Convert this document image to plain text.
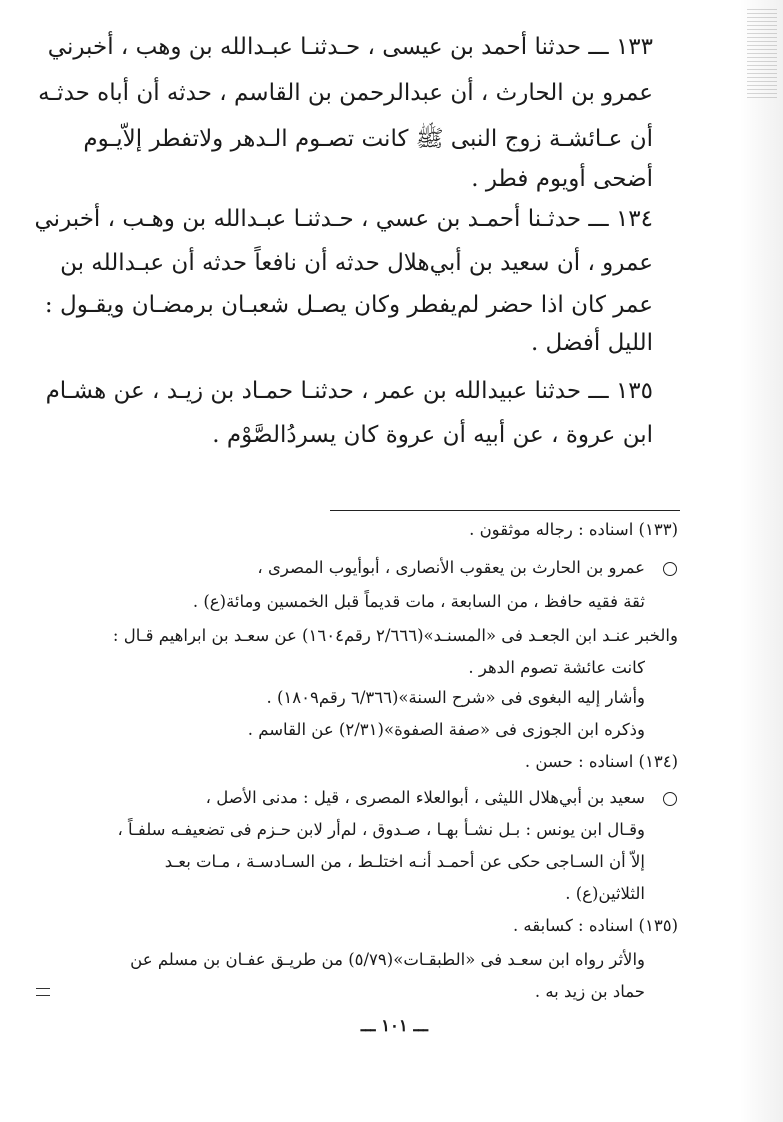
١٣٣ ـــ حدثنا أحمد بن عيسى ، حـدثنـا عبـدالله بن وهب ، أخبرني
عمرو بن الحارث ، أن عبدالرحمن بن القاسم ، حدثه أن أباه حدثـه
أن عـائشـة زوج النبى ﷺ كانت تصـوم الـدهر ولاتفطر إلاّيـوم
أضحى أويوم فطر .
١٣٤ ـــ حدثـنا أحمـد بن عسي ، حـدثنـا عبـدالله بن وهـب ، أخبرني
عمرو ، أن سعيد بن أبي‌هلال حدثه أن نافعاً حدثه أن عبـدالله بن
عمر كان اذا حضر لم‌يفطر وكان يصـل شعبـان برمضـان ويقـول :
الليل أفضل .
١٣٥ ـــ حدثنا عبيدالله بن عمر ، حدثنـا حمـاد بن زيـد ، عن هشـام
ابن عروة ، عن أبيه أن عروة كان يسردُالصَّوْم .
(١٣٣) اسناده : رجاله موثقون .
عمرو بن الحارث بن يعقوب الأنصارى ، أبوأيوب المصرى ،
ثقة فقيه حافظ ، من السابعة ، مات قديماً قبل الخمسين ومائة(ع) .
والخبر عنـد ابن الجعـد فى «المسنـد»(٢/٦٦٦ رقم١٦٠٤) عن سعـد بن ابراهيم قـال :
كانت عائشة تصوم الدهر .
وأشار إليه البغوى فى «شرح السنة»(٦/٣٦٦ رقم١٨٠٩) .
وذكره ابن الجوزى فى «صفة الصفوة»(٢/٣١) عن القاسم .
(١٣٤) اسناده : حسن .
سعيد بن أبي‌هلال الليثى ، أبوالعلاء المصرى ، قيل : مدنى الأصل ،
وقـال ابن يونس : بـل نشـأ بهـا ، صـدوق ، لم‌أر لابن حـزم فى تضعيفـه سلفـاً ،
إلاّ أن السـاجى حكى عن أحمـد أنـه اختلـط ، من السـادسـة ، مـات بعـد
الثلاثين(ع) .
(١٣٥) اسناده : كسابقه .
والأثر رواه ابن سعـد فى «الطبقـات»(٥/٧٩) من طريـق عفـان بن مسلم عن
حماد بن زيد به .
ـــ ١٠١ ـــ
